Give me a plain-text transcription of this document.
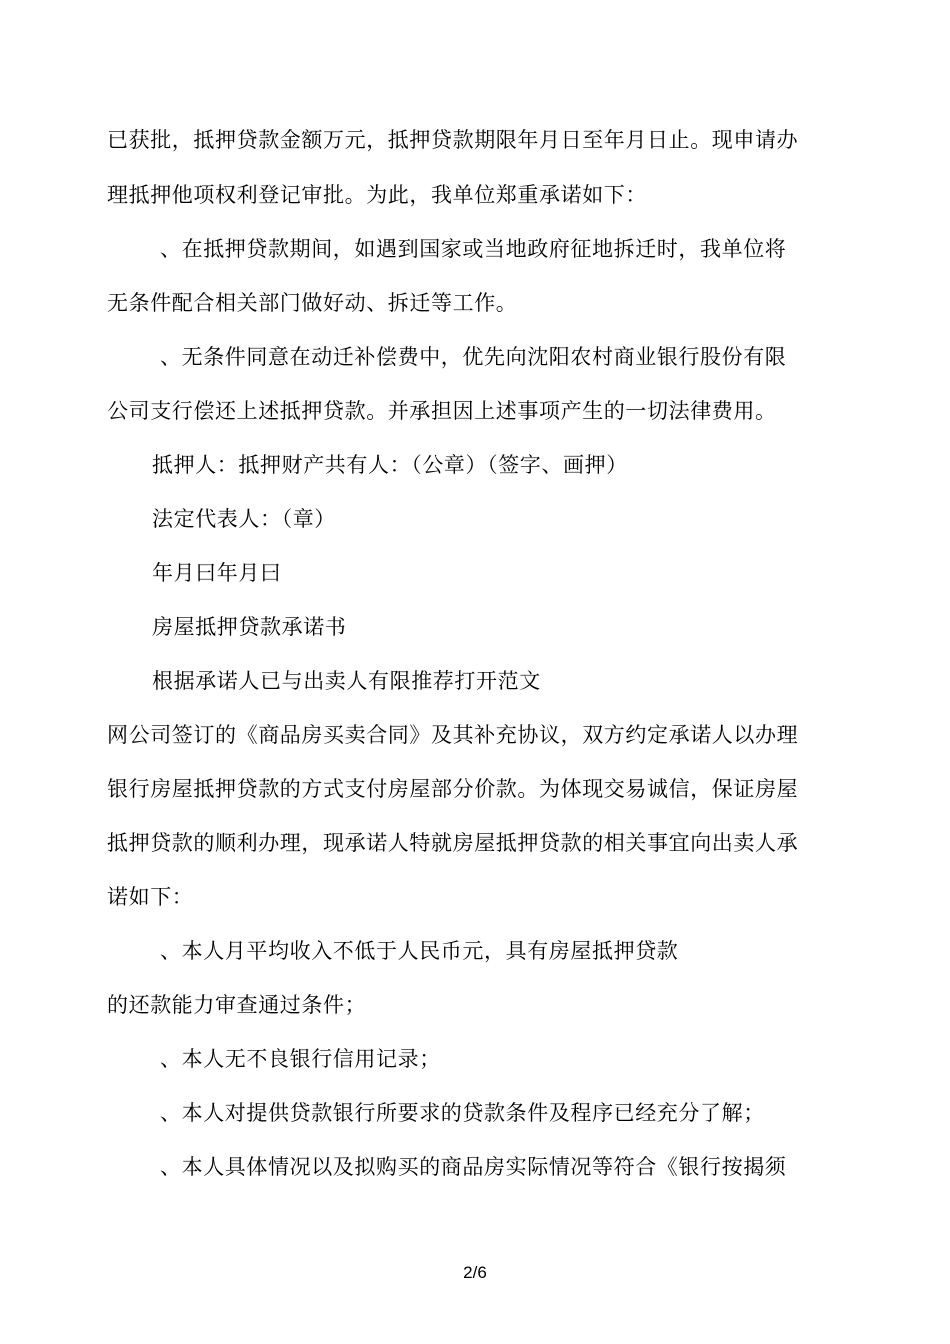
已获批，抵押贷款金额万元，抵押贷款期限年月日至年月日止。现申请办
理抵押他项权利登记审批。为此，我单位郑重承诺如下：
、在抵押贷款期间，如遇到国家或当地政府征地拆迁时，我单位将
无条件配合相关部门做好动、拆迁等工作。
、无条件同意在动迁补偿费中，优先向沈阳农村商业银行股份有限
公司支行偿还上述抵押贷款。并承担因上述事项产生的一切法律费用。
抵押人：抵押财产共有人：（公章）（签字、画押）
法定代表人：（章）
年月曰年月曰
房屋抵押贷款承诺书
根据承诺人已与出卖人有限推荐打开范文
网公司签订的《商品房买卖合同》及其补充协议，双方约定承诺人以办理
银行房屋抵押贷款的方式支付房屋部分价款。为体现交易诚信，保证房屋
抵押贷款的顺利办理，现承诺人特就房屋抵押贷款的相关事宜向出卖人承
诺如下：
、本人月平均收入不低于人民币元，具有房屋抵押贷款
的还款能力审查通过条件；
、本人无不良银行信用记录；
、本人对提供贷款银行所要求的贷款条件及程序已经充分了解；
、本人具体情况以及拟购买的商品房实际情况等符合《银行按揭须
2/6
